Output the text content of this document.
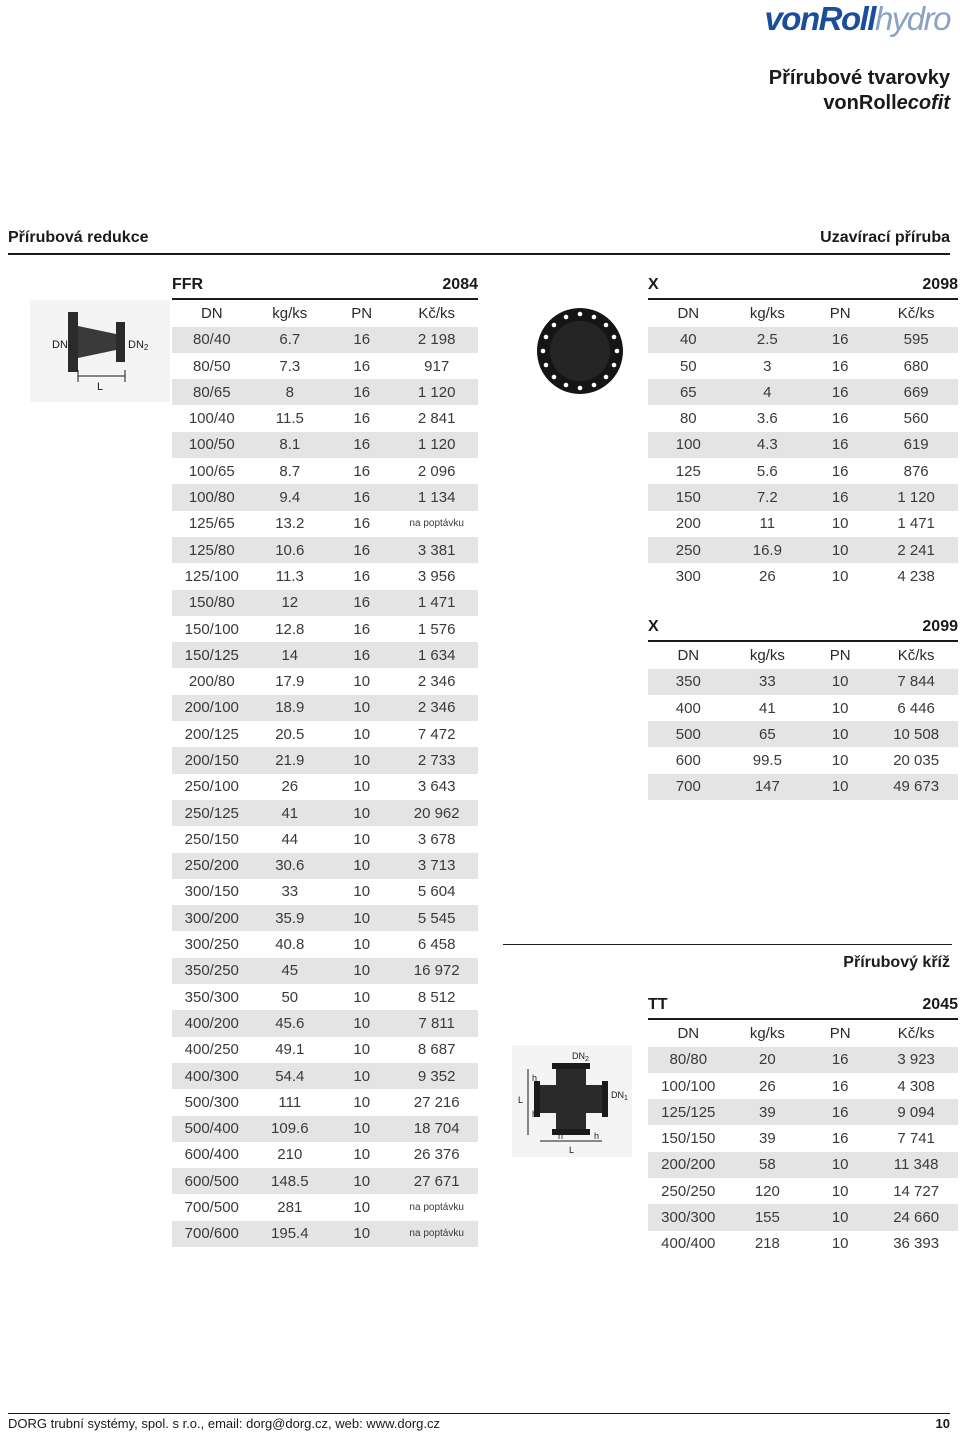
vonRollhydro
Přírubové tvarovky
vonRollecofit
Přírubová redukce	Uzavírací příruba
Přírubový kříž
DN1	DN2
L
$DN_2$
$DN_1$
h
h
h	h
L
L
FFR		2084	
DN	kg/ks	PN	Kč/ks
80/40	6.7	16	2 198
80/50	7.3	16	917
80/65	8	16	1 120
100/40	11.5	16	2 841
100/50	8.1	16	1 120
100/65	8.7	16	2 096
100/80	9.4	16	1 134
125/65	13.2	16	na poptávku
125/80	10.6	16	3 381
125/100	11.3	16	3 956
150/80	12	16	1 471
150/100	12.8	16	1 576
150/125	14	16	1 634
200/80	17.9	10	2 346
200/100	18.9	10	2 346
200/125	20.5	10	7 472
200/150	21.9	10	2 733
250/100	26	10	3 643
250/125	41	10	20 962
250/150	44	10	3 678
250/200	30.6	10	3 713
300/150	33	10	5 604
300/200	35.9	10	5 545
300/250	40.8	10	6 458
350/250	45	10	16 972
350/300	50	10	8 512
400/200	45.6	10	7 811
400/250	49.1	10	8 687
400/300	54.4	10	9 352
500/300	111	10	27 216
500/400	109.6	10	18 704
600/400	210	10	26 376
600/500	148.5	10	27 671
700/500	281	10	na poptávku
700/600	195.4	10	na poptávku
X		2098	
DN	kg/ks	PN	Kč/ks
40	2.5	16	595
50	3	16	680
65	4	16	669
80	3.6	16	560
100	4.3	16	619
125	5.6	16	876
150	7.2	16	1 120
200	11	10	1 471
250	16.9	10	2 241
300	26	10	4 238
X		2099	
DN	kg/ks	PN	Kč/ks
350	33	10	7 844
400	41	10	6 446
500	65	10	10 508
600	99.5	10	20 035
700	147	10	49 673
TT		2045	
DN	kg/ks	PN	Kč/ks
80/80	20	16	3 923
100/100	26	16	4 308
125/125	39	16	9 094
150/150	39	16	7 741
200/200	58	10	11 348
250/250	120	10	14 727
300/300	155	10	24 660
400/400	218	10	36 393
DORG trubní systémy, spol. s r.o., email: dorg@dorg.cz, web: www.dorg.cz	10
